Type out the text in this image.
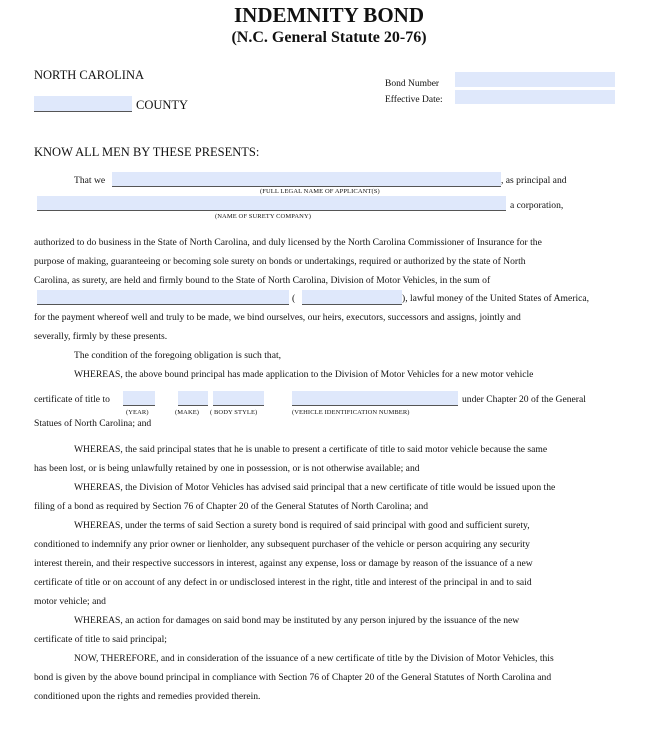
INDEMNITY BOND
(N.C. General Statute 20-76)
NORTH CAROLINA
COUNTY
Bond Number
Effective Date:
KNOW ALL MEN BY THESE PRESENTS:
That we	, as principal and
(FULL LEGAL NAME OF APPLICANT(S)
a corporation,
(NAME OF SURETY COMPANY)
authorized to do business in the State of North Carolina, and duly licensed by the North Carolina Commissioner of Insurance for the
purpose of making, guaranteeing or becoming sole surety on bonds or undertakings, required or authorized by the state of North
Carolina, as surety, are held and firmly bound to the State of North Carolina, Division of Motor Vehicles, in the sum of
(	), lawful money of the United States of America,
for the payment whereof well and truly to be made, we bind ourselves, our heirs, executors, successors and assigns, jointly and
severally, firmly by these presents.
The condition of the foregoing obligation is such that,
WHEREAS, the above bound principal has made application to the Division of Motor Vehicles for a new motor vehicle
certificate of title to	under Chapter 20 of the General
(YEAR)	(MAKE) ( BODY STYLE)	(VEHICLE IDENTIFICATION NUMBER)
Statues of North Carolina; and
WHEREAS, the said principal states that he is unable to present a certificate of title to said motor vehicle because the same
has been lost, or is being unlawfully retained by one in possession, or is not otherwise available; and
WHEREAS, the Division of Motor Vehicles has advised said principal that a new certificate of title would be issued upon the
filing of a bond as required by Section 76 of Chapter 20 of the General Statutes of North Carolina; and
WHEREAS, under the terms of said Section a surety bond is required of said principal with good and sufficient surety,
conditioned to indemnify any prior owner or lienholder, any subsequent purchaser of the vehicle or person acquiring any security
interest therein, and their respective successors in interest, against any expense, loss or damage by reason of the issuance of a new
certificate of title or on account of any defect in or undisclosed interest in the right, title and interest of the principal in and to said
motor vehicle; and
WHEREAS, an action for damages on said bond may be instituted by any person injured by the issuance of the new
certificate of title to said principal;
NOW, THEREFORE, and in consideration of the issuance of a new certificate of title by the Division of Motor Vehicles, this
bond is given by the above bound principal in compliance with Section 76 of Chapter 20 of the General Statutes of North Carolina and
conditioned upon the rights and remedies provided therein.
